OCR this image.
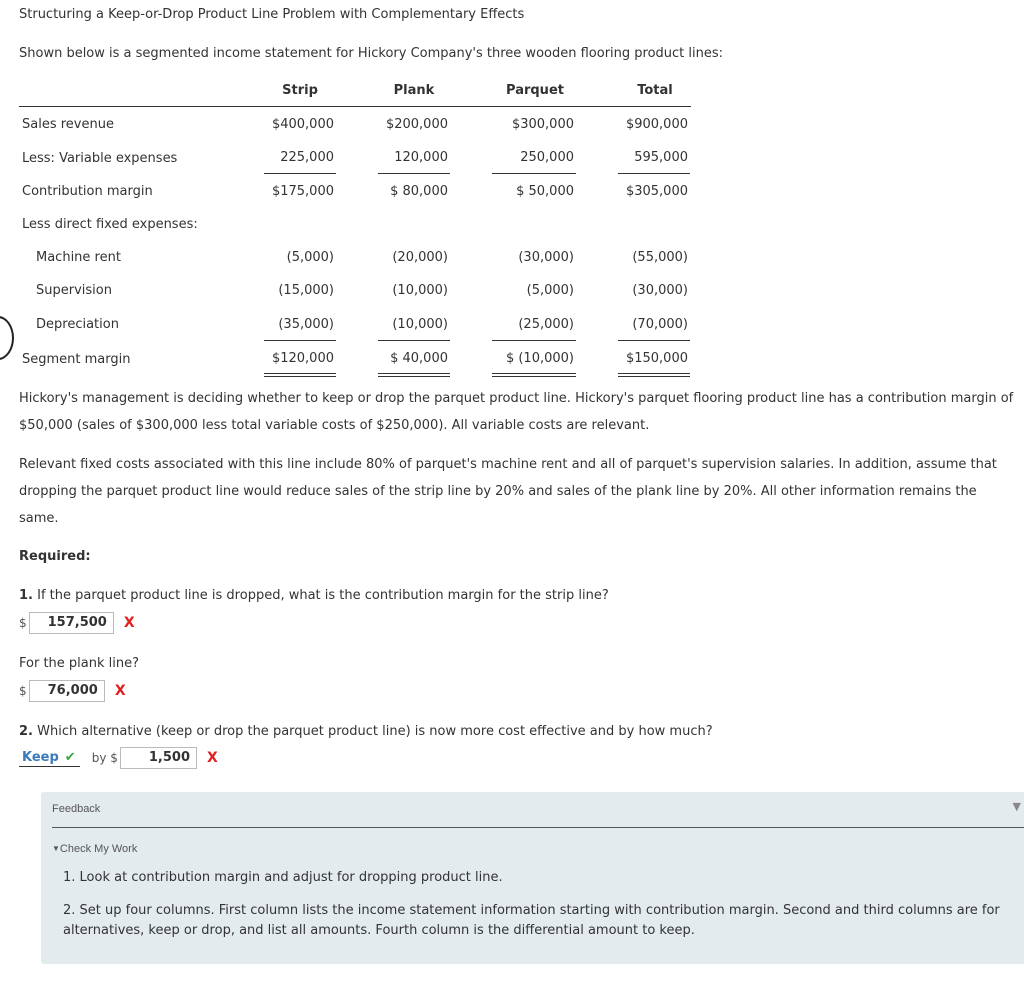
Structuring a Keep-or-Drop Product Line Problem with Complementary Effects
Shown below is a segmented income statement for Hickory Company's three wooden flooring product lines:
Strip	Plank	Parquet	Total
Sales revenue	$400,000	$200,000	$300,000	$900,000
Less: Variable expenses	225,000	120,000	250,000	595,000
Contribution margin	$175,000	$ 80,000	$ 50,000	$305,000
Less direct fixed expenses:
Machine rent	(5,000)	(20,000)	(30,000)	(55,000)
Supervision	(15,000)	(10,000)	(5,000)	(30,000)
Depreciation	(35,000)	(10,000)	(25,000)	(70,000)
Segment margin	$120,000	$ 40,000	$ (10,000)	$150,000
Hickory's management is deciding whether to keep or drop the parquet product line. Hickory's parquet flooring product line has a contribution margin of $50,000 (sales of $300,000 less total variable costs of $250,000). All variable costs are relevant.
Relevant fixed costs associated with this line include 80% of parquet's machine rent and all of parquet's supervision salaries. In addition, assume that dropping the parquet product line would reduce sales of the strip line by 20% and sales of the plank line by 20%. All other information remains the same.
Required:
1. If the parquet product line is dropped, what is the contribution margin for the strip line?
$	157,500	X
For the plank line?
$	76,000	X
2. Which alternative (keep or drop the parquet product line) is now more cost effective and by how much?
Keep ✔	by $	1,500	X
Feedback	▼
▼Check My Work
1. Look at contribution margin and adjust for dropping product line.
2. Set up four columns. First column lists the income statement information starting with contribution margin. Second and third columns are for alternatives, keep or drop, and list all amounts. Fourth column is the differential amount to keep.
